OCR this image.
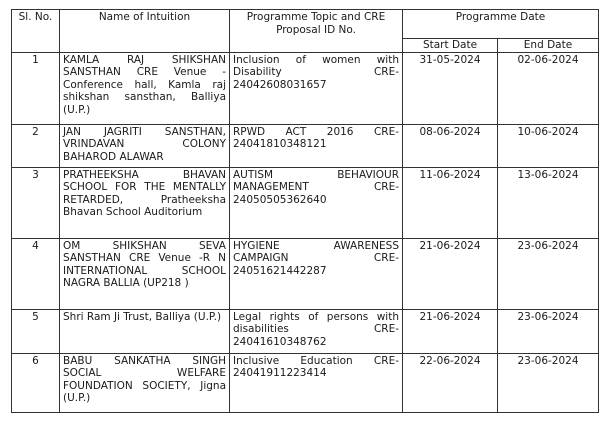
Sl. No.	Name of Intuition	Programme Topic and CRE Proposal ID No.	Programme Date	
			Start Date	End Date
1	KAMLA RAJ SHIKSHAN SANSTHAN CRE Venue -Conference hall, Kamla raj shikshan sansthan, Balliya (U.P.)	Inclusion of women with Disability CRE-24042608031657	31-05-2024	02-06-2024
2	JAN JAGRITI SANSTHAN, VRINDAVAN COLONY BAHAROD ALAWAR	RPWD ACT 2016 CRE-24041810348121	08-06-2024	10-06-2024
3	PRATHEEKSHA BHAVAN SCHOOL FOR THE MENTALLY RETARDED, Pratheeksha Bhavan School Auditorium	AUTISM BEHAVIOUR MANAGEMENT CRE-24050505362640	11-06-2024	13-06-2024
4	OM SHIKSHAN SEVA SANSTHAN CRE Venue -R N INTERNATIONAL SCHOOL NAGRA BALLIA (UP218 )	HYGIENE AWARENESS CAMPAIGN CRE-24051621442287	21-06-2024	23-06-2024
5	Shri Ram Ji Trust, Balliya (U.P.)	Legal rights of persons with disabilities CRE-24041610348762	21-06-2024	23-06-2024
6	BABU SANKATHA SINGH SOCIAL WELFARE FOUNDATION SOCIETY, Jigna (U.P.)	Inclusive Education CRE-24041911223414	22-06-2024	23-06-2024
